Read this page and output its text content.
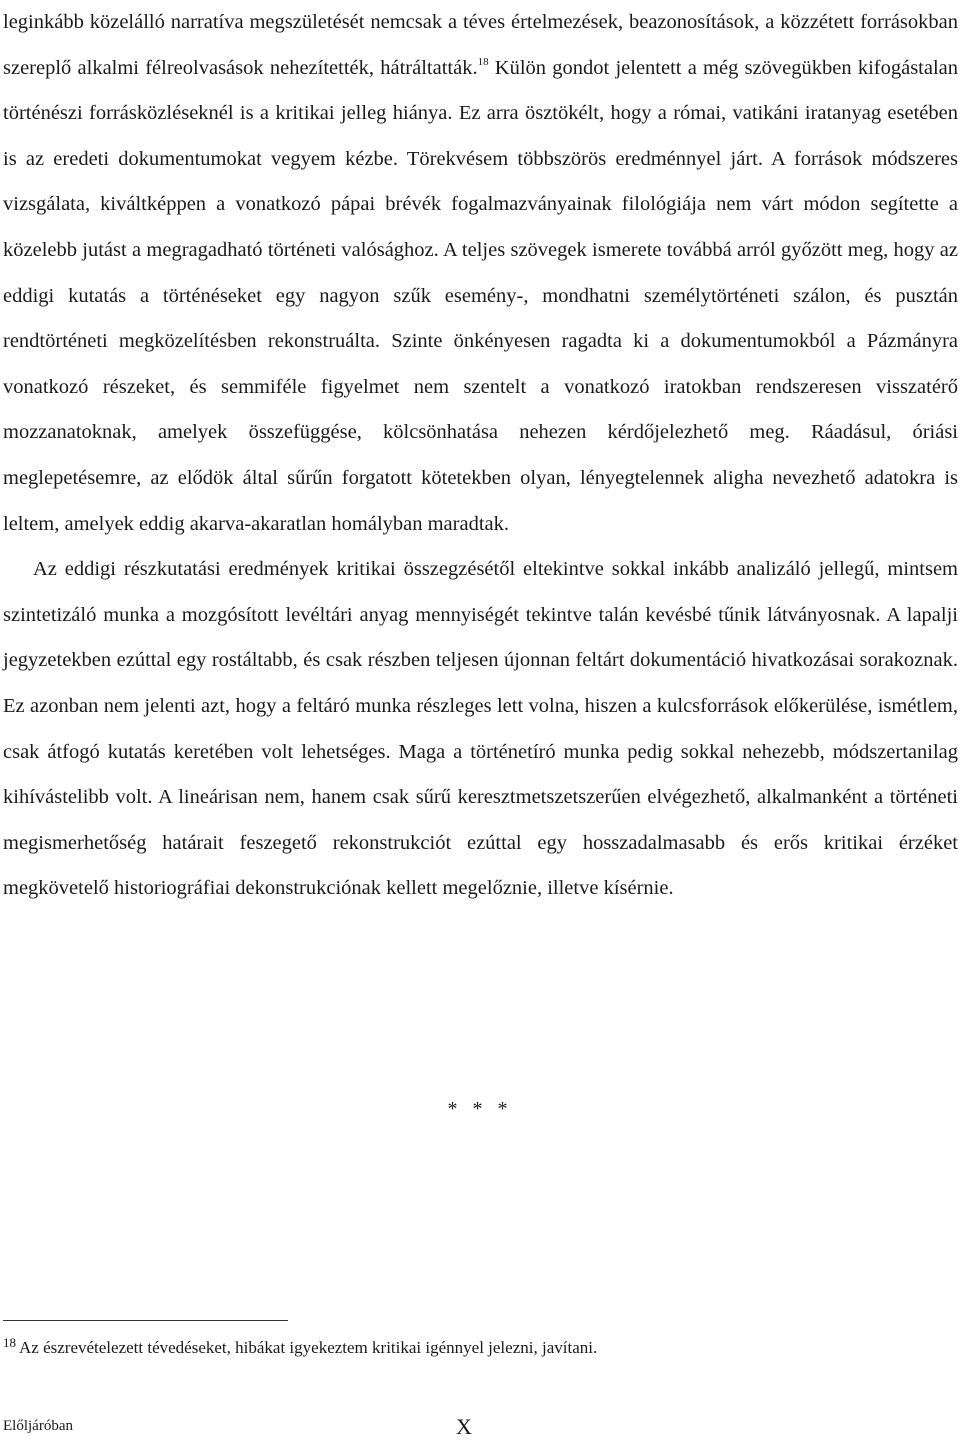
leginkább közelálló narratíva megszületését nemcsak a téves értelmezések, beazonosítások, a közzétett forrásokban szereplő alkalmi félreolvasások nehezítették, hátráltatták.$^{18}$ Külön gondot jelentett a még szövegükben kifogástalan történészi forrásközléseknél is a kritikai jelleg hiánya. Ez arra ösztökélt, hogy a római, vatikáni iratanyag esetében is az eredeti dokumentumokat vegyem kézbe. Törekvésem többszörös eredménnyel járt. A források módszeres vizsgálata, kiváltképpen a vonatkozó pápai brévék fogalmazványainak filológiája nem várt módon segítette a közelebb jutást a megragadható történeti valósághoz. A teljes szövegek ismerete továbbá arról győzött meg, hogy az eddigi kutatás a történéseket egy nagyon szűk esemény-, mondhatni személytörténeti szálon, és pusztán rendtörténeti megközelítésben rekonstruálta. Szinte önkényesen ragadta ki a dokumentumokból a Pázmányra vonatkozó részeket, és semmiféle figyelmet nem szentelt a vonatkozó iratokban rendszeresen visszatérő mozzanatoknak, amelyek összefüggése, kölcsönhatása nehezen kérdőjelezhető meg. Ráadásul, óriási meglepetésemre, az elődök által sűrűn forgatott kötetekben olyan, lényegtelennek aligha nevezhető adatokra is leltem, amelyek eddig akarva-akaratlan homályban maradtak.

Az eddigi részkutatási eredmények kritikai összegzésétől eltekintve sokkal inkább analizáló jellegű, mintsem szintetizáló munka a mozgósított levéltári anyag mennyiségét tekintve talán kevésbé tűnik látványosnak. A lapalji jegyzetekben ezúttal egy rostáltabb, és csak részben teljesen újonnan feltárt dokumentáció hivatkozásai sorakoznak. Ez azonban nem jelenti azt, hogy a feltáró munka részleges lett volna, hiszen a kulcsforrások előkerülése, ismétlem, csak átfogó kutatás keretében volt lehetséges. Maga a történetíró munka pedig sokkal nehezebb, módszertanilag kihívástelibb volt. A lineárisan nem, hanem csak sűrű keresztmetszetszerűen elvégezhető, alkalmanként a történeti megismerhetőség határait feszegető rekonstrukciót ezúttal egy hosszadalmasabb és erős kritikai érzéket megkövetelő historiográfiai dekonstrukciónak kellett megelőznie, illetve kísérnie.

* * *
$^{18}$ Az észrevételezett tévedéseket, hibákat igyekeztem kritikai igénnyel jelezni, javítani.
Előljáróban	X
